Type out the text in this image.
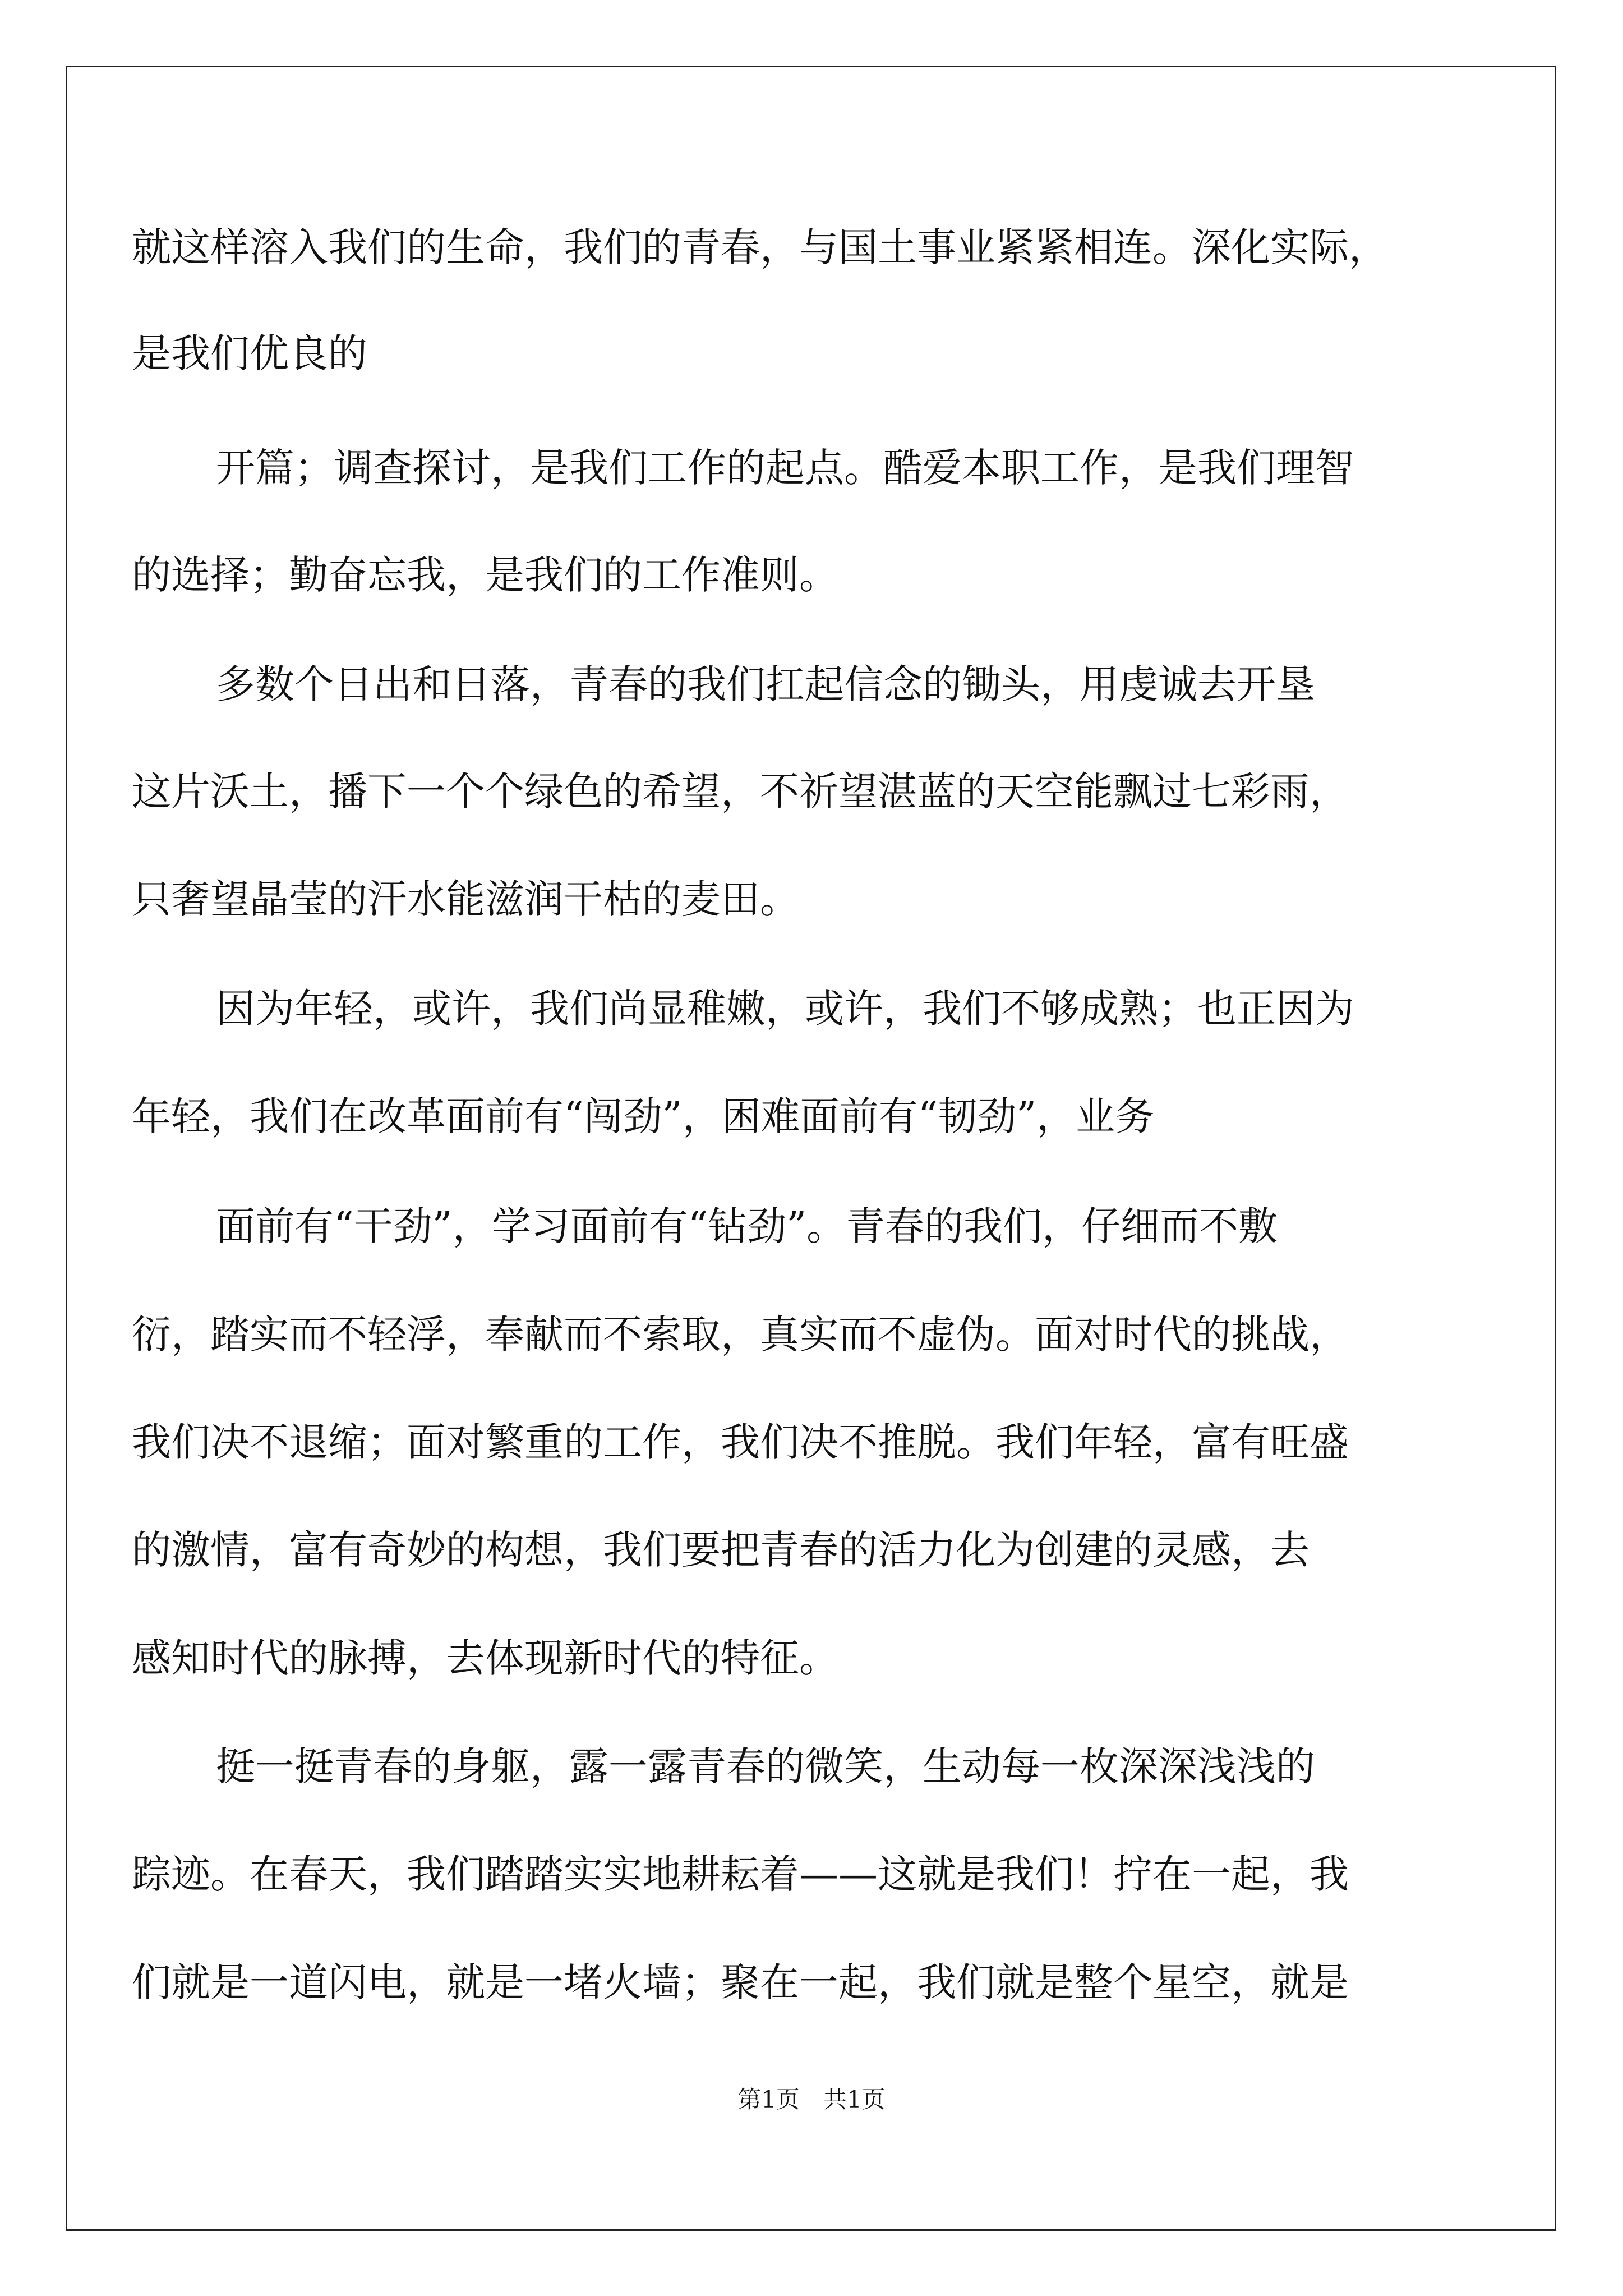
就这样溶入我们的生命，我们的青春，与国土事业紧紧相连。深化实际，
是我们优良的
开篇；调查探讨，是我们工作的起点。酷爱本职工作，是我们理智
的选择；勤奋忘我，是我们的工作准则。
多数个日出和日落，青春的我们扛起信念的锄头，用虔诚去开垦
这片沃土，播下一个个绿色的希望，不祈望湛蓝的天空能飘过七彩雨，
只奢望晶莹的汗水能滋润干枯的麦田。
因为年轻，或许，我们尚显稚嫩，或许，我们不够成熟；也正因为
年轻，我们在改革面前有“闯劲”，困难面前有“韧劲”，业务
面前有“干劲”，学习面前有“钻劲”。青春的我们，仔细而不敷
衍，踏实而不轻浮，奉献而不索取，真实而不虚伪。面对时代的挑战，
我们决不退缩；面对繁重的工作，我们决不推脱。我们年轻，富有旺盛
的激情，富有奇妙的构想，我们要把青春的活力化为创建的灵感，去
感知时代的脉搏，去体现新时代的特征。
挺一挺青春的身躯，露一露青春的微笑，生动每一枚深深浅浅的
踪迹。在春天，我们踏踏实实地耕耘着——这就是我们！拧在一起，我
们就是一道闪电，就是一堵火墙；聚在一起，我们就是整个星空，就是
第1页　共1页
